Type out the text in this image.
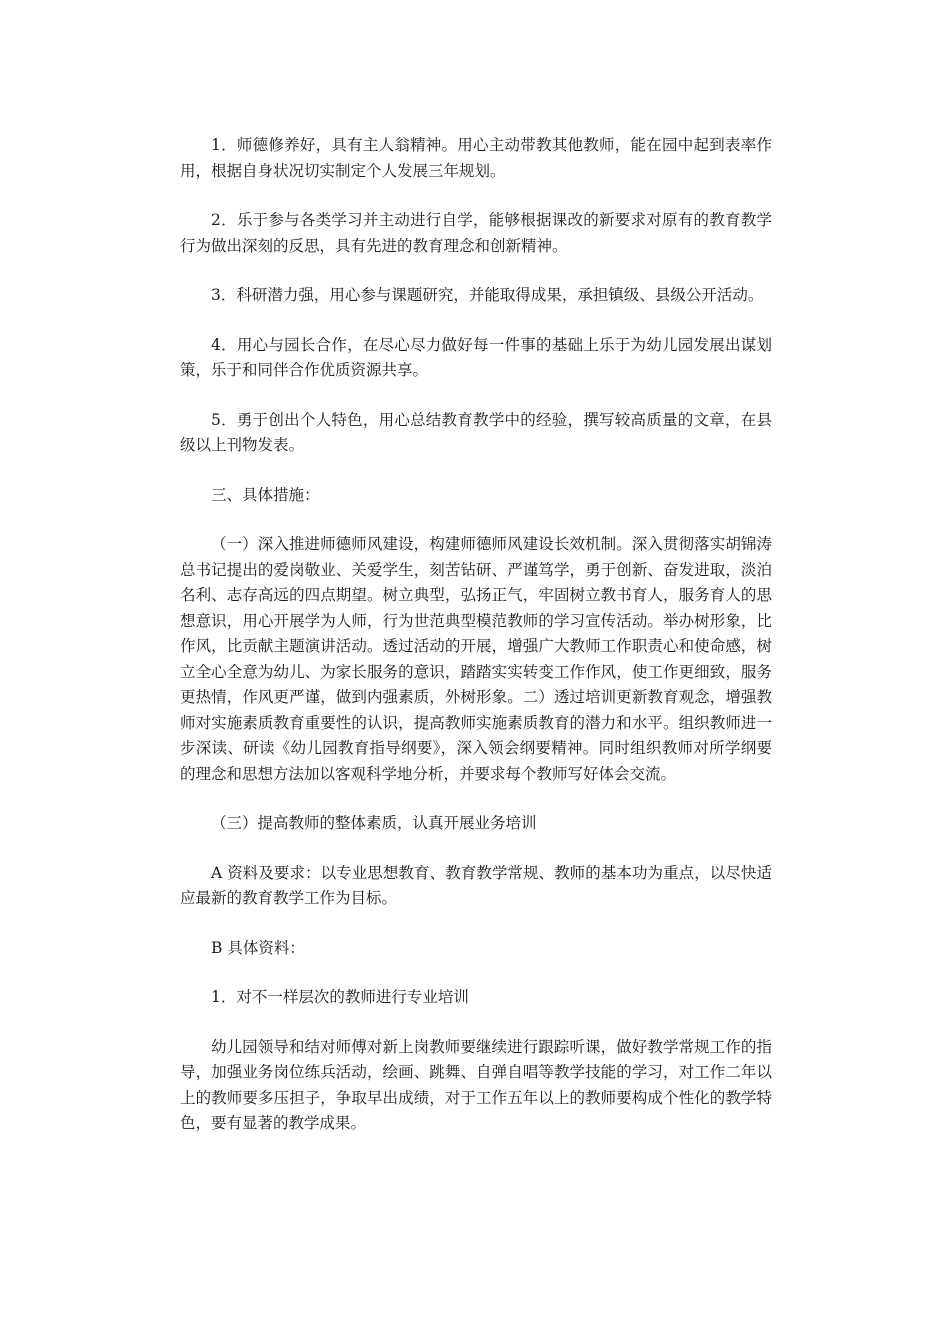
1．师德修养好，具有主人翁精神。用心主动带教其他教师，能在园中起到表率作用，根据自身状况切实制定个人发展三年规划。

2．乐于参与各类学习并主动进行自学，能够根据课改的新要求对原有的教育教学行为做出深刻的反思，具有先进的教育理念和创新精神。

3．科研潜力强，用心参与课题研究，并能取得成果，承担镇级、县级公开活动。

4．用心与园长合作，在尽心尽力做好每一件事的基础上乐于为幼儿园发展出谋划策，乐于和同伴合作优质资源共享。

5．勇于创出个人特色，用心总结教育教学中的经验，撰写较高质量的文章，在县级以上刊物发表。

三、具体措施：

（一）深入推进师德师风建设，构建师德师风建设长效机制。深入贯彻落实胡锦涛总书记提出的爱岗敬业、关爱学生，刻苦钻研、严谨笃学，勇于创新、奋发进取，淡泊名利、志存高远的四点期望。树立典型，弘扬正气，牢固树立教书育人，服务育人的思想意识，用心开展学为人师，行为世范典型模范教师的学习宣传活动。举办树形象，比作风，比贡献主题演讲活动。透过活动的开展，增强广大教师工作职责心和使命感，树立全心全意为幼儿、为家长服务的意识，踏踏实实转变工作作风，使工作更细致，服务更热情，作风更严谨，做到内强素质，外树形象。二）透过培训更新教育观念，增强教师对实施素质教育重要性的认识，提高教师实施素质教育的潜力和水平。组织教师进一步深读、研读《幼儿园教育指导纲要》，深入领会纲要精神。同时组织教师对所学纲要的理念和思想方法加以客观科学地分析，并要求每个教师写好体会交流。

（三）提高教师的整体素质，认真开展业务培训

A 资料及要求：以专业思想教育、教育教学常规、教师的基本功为重点，以尽快适应最新的教育教学工作为目标。

B 具体资料：

1．对不一样层次的教师进行专业培训

幼儿园领导和结对师傅对新上岗教师要继续进行跟踪听课，做好教学常规工作的指导，加强业务岗位练兵活动，绘画、跳舞、自弹自唱等教学技能的学习，对工作二年以上的教师要多压担子，争取早出成绩，对于工作五年以上的教师要构成个性化的教学特色，要有显著的教学成果。
